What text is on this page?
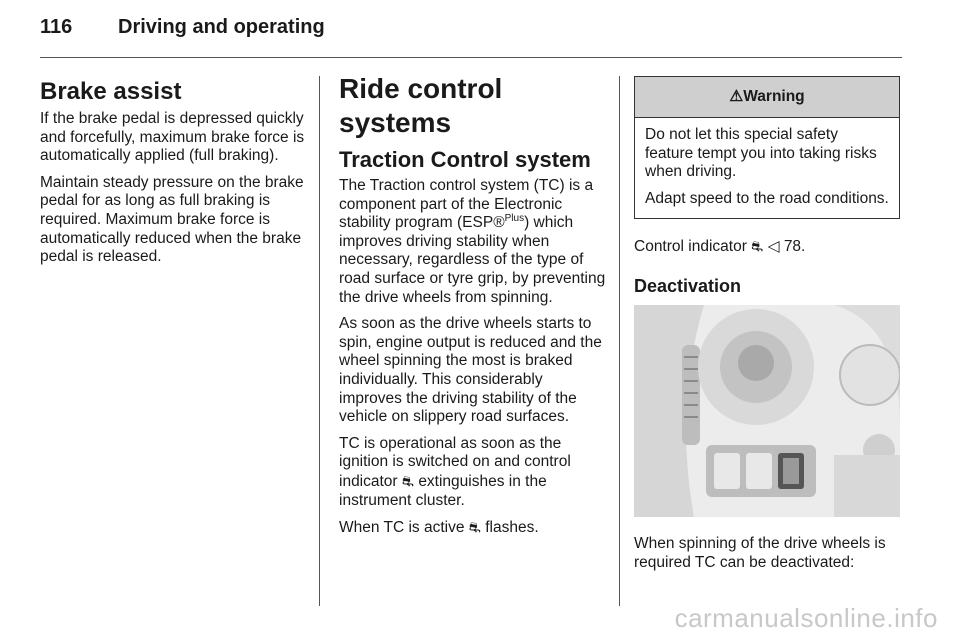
116 Driving and operating
Brake assist

If the brake pedal is depressed quickly and forcefully, maximum brake force is automatically applied (full braking).

Maintain steady pressure on the brake pedal for as long as full braking is required. Maximum brake force is automatically reduced when the brake pedal is released.

Ride control systems
Traction Control system

The Traction control system (TC) is a component part of the Electronic stability program (ESP®$^{Plus}$) which improves driving stability when necessary, regardless of the type of road surface or tyre grip, by preventing the drive wheels from spinning.

As soon as the drive wheels starts to spin, engine output is reduced and the wheel spinning the most is braked individually. This considerably improves the driving stability of the vehicle on slippery road surfaces.

TC is operational as soon as the ignition is switched on and control indicator ⛐ extinguishes in the instrument cluster.

When TC is active ⛐ flashes.

⚠Warning

Do not let this special safety feature tempt you into taking risks when driving.

Adapt speed to the road conditions.

Control indicator ⛐ ◁ 78.

Deactivation

When spinning of the drive wheels is required TC can be deactivated:

carmanualsonline.info
